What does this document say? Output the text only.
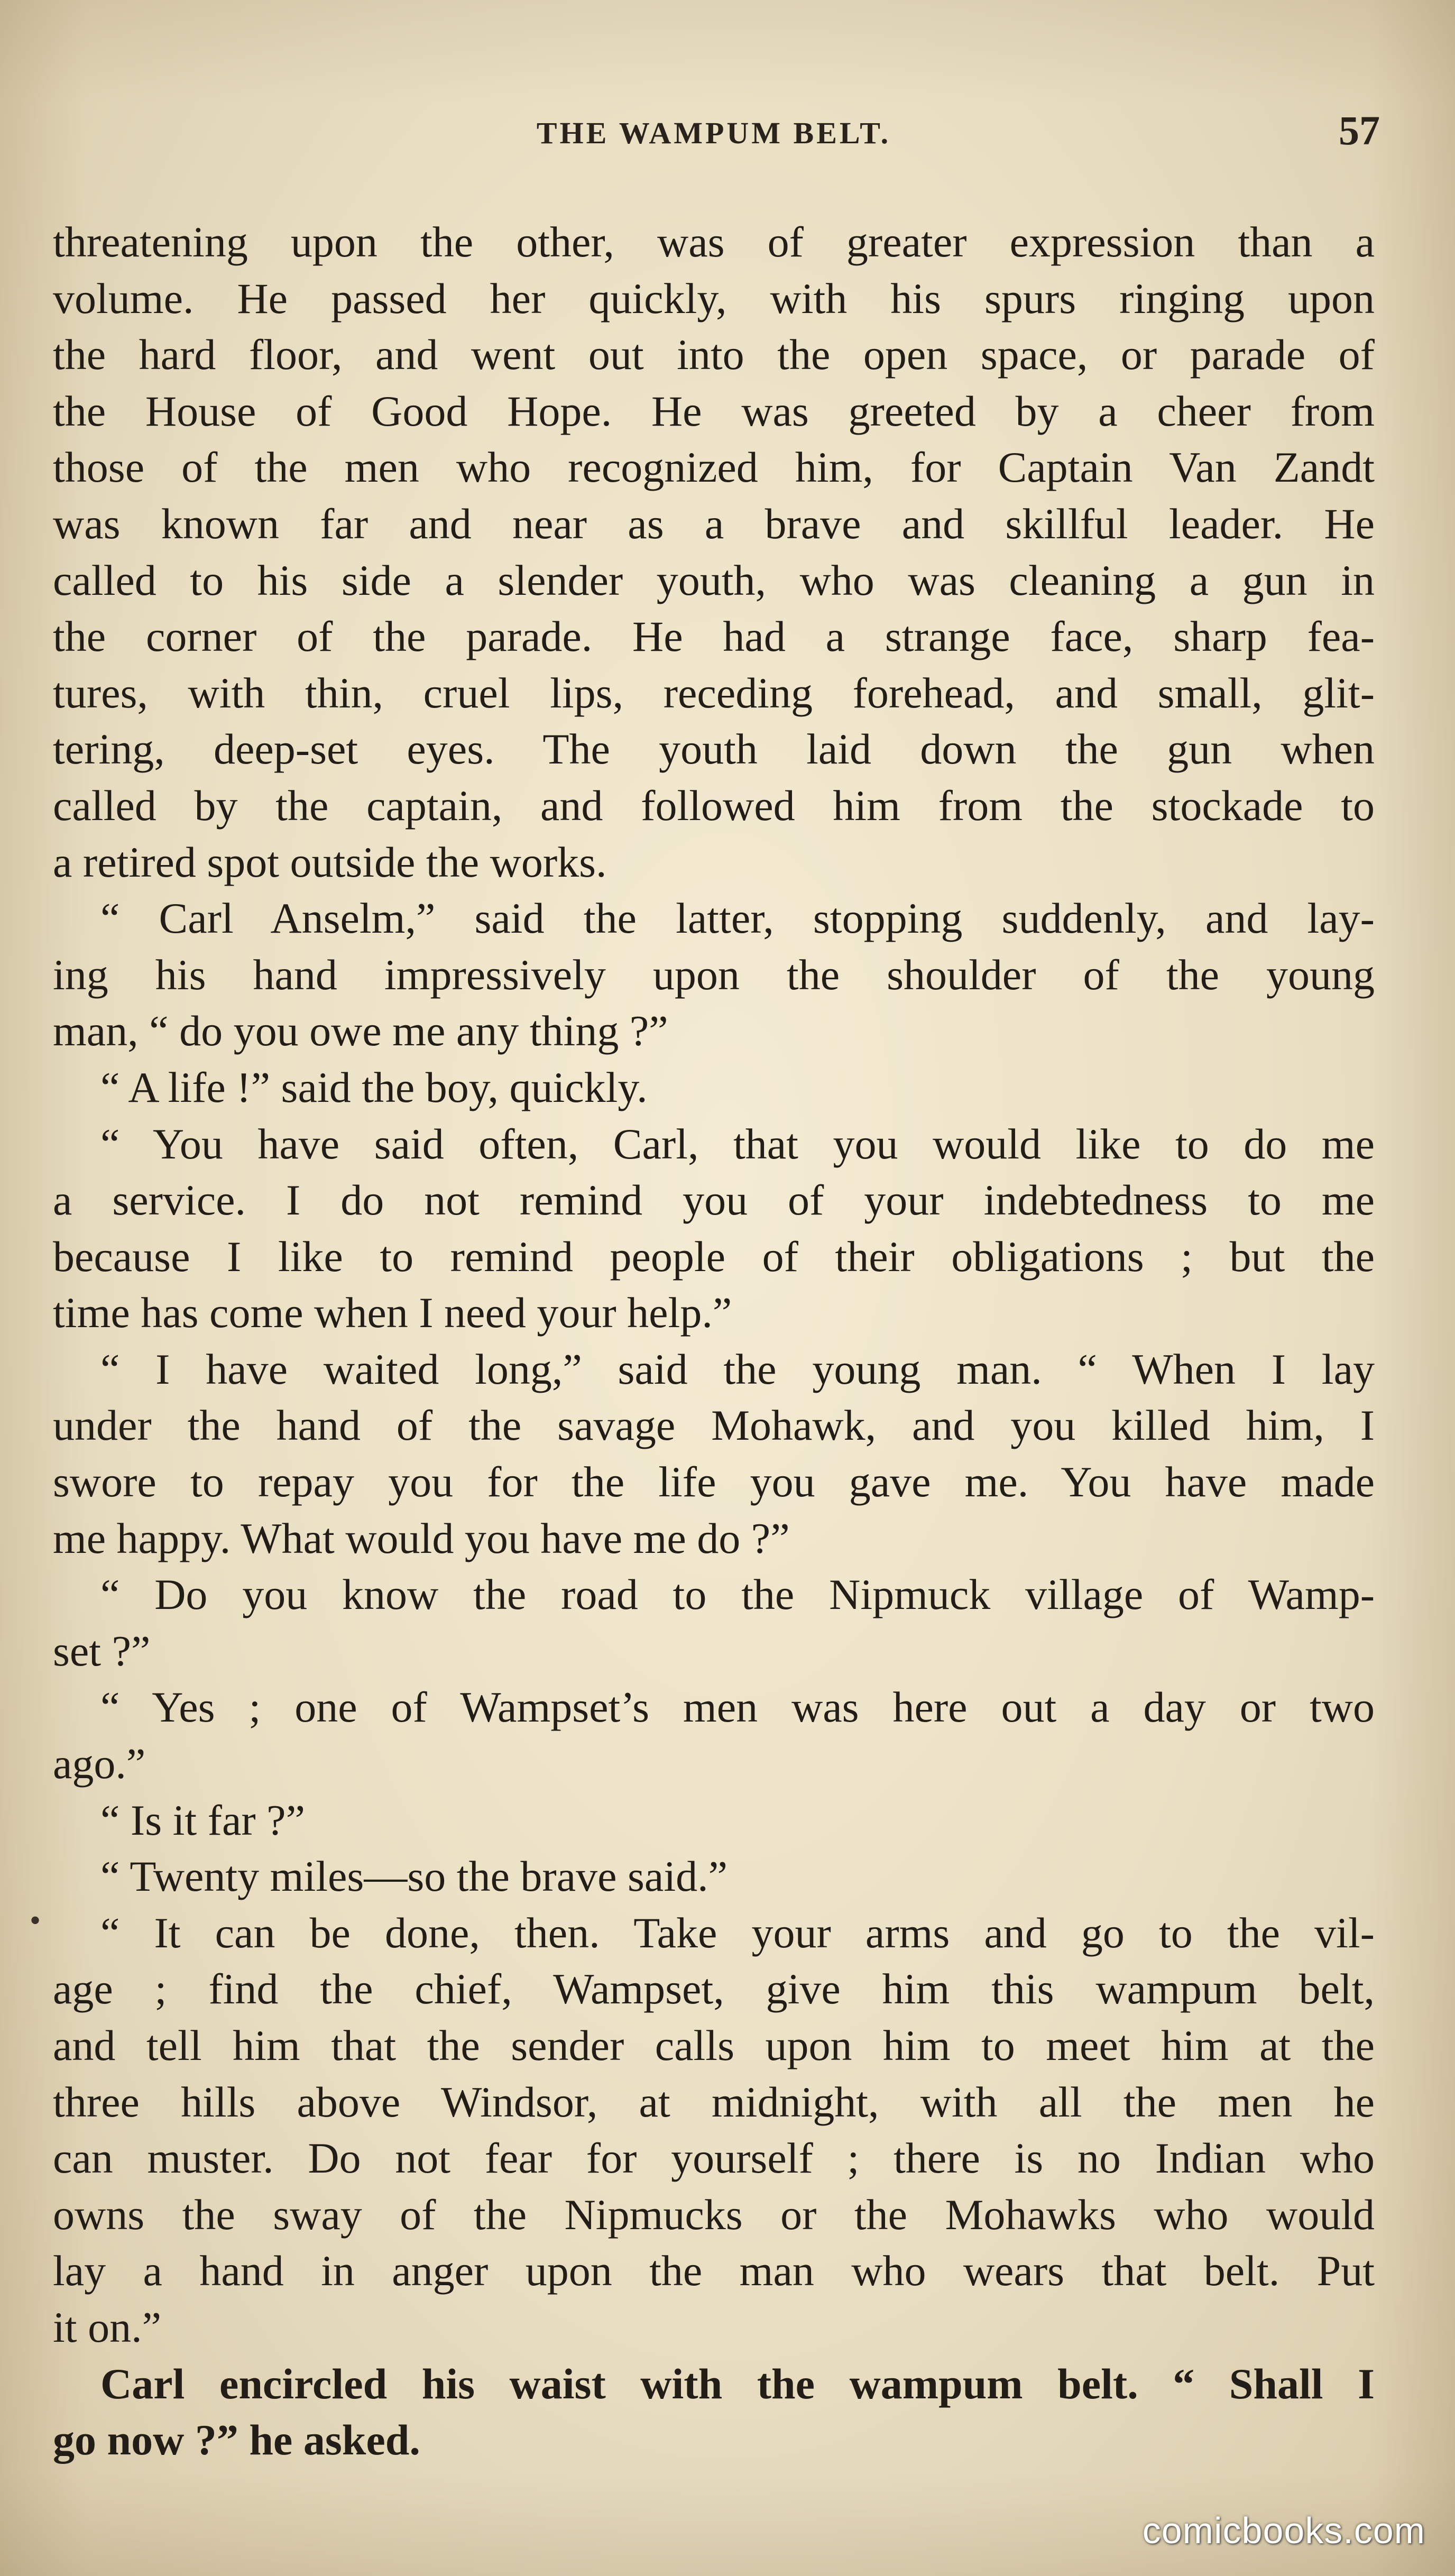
THE WAMPUM BELT.	57
threatening upon the other, was of greater expression than a
volume. He passed her quickly, with his spurs ringing upon
the hard floor, and went out into the open space, or parade of
the House of Good Hope. He was greeted by a cheer from
those of the men who recognized him, for Captain Van Zandt
was known far and near as a brave and skillful leader. He
called to his side a slender youth, who was cleaning a gun in
the corner of the parade. He had a strange face, sharp fea-
tures, with thin, cruel lips, receding forehead, and small, glit-
tering, deep-set eyes. The youth laid down the gun when
called by the captain, and followed him from the stockade to
a retired spot outside the works.
“ Carl Anselm,” said the latter, stopping suddenly, and lay-
ing his hand impressively upon the shoulder of the young
man, “ do you owe me any thing ?”
“ A life !” said the boy, quickly.
“ You have said often, Carl, that you would like to do me
a service. I do not remind you of your indebtedness to me
because I like to remind people of their obligations ; but the
time has come when I need your help.”
“ I have waited long,” said the young man. “ When I lay
under the hand of the savage Mohawk, and you killed him, I
swore to repay you for the life you gave me. You have made
me happy. What would you have me do ?”
“ Do you know the road to the Nipmuck village of Wamp-
set ?”
“ Yes ; one of Wampset’s men was here out a day or two
ago.”
“ Is it far ?”
“ Twenty miles—so the brave said.”
“ It can be done, then. Take your arms and go to the vil-
age ; find the chief, Wampset, give him this wampum belt,
and tell him that the sender calls upon him to meet him at the
three hills above Windsor, at midnight, with all the men he
can muster. Do not fear for yourself ; there is no Indian who
owns the sway of the Nipmucks or the Mohawks who would
lay a hand in anger upon the man who wears that belt. Put
it on.”
Carl encircled his waist with the wampum belt. “ Shall I
go now ?” he asked.
•
comicbooks.com
